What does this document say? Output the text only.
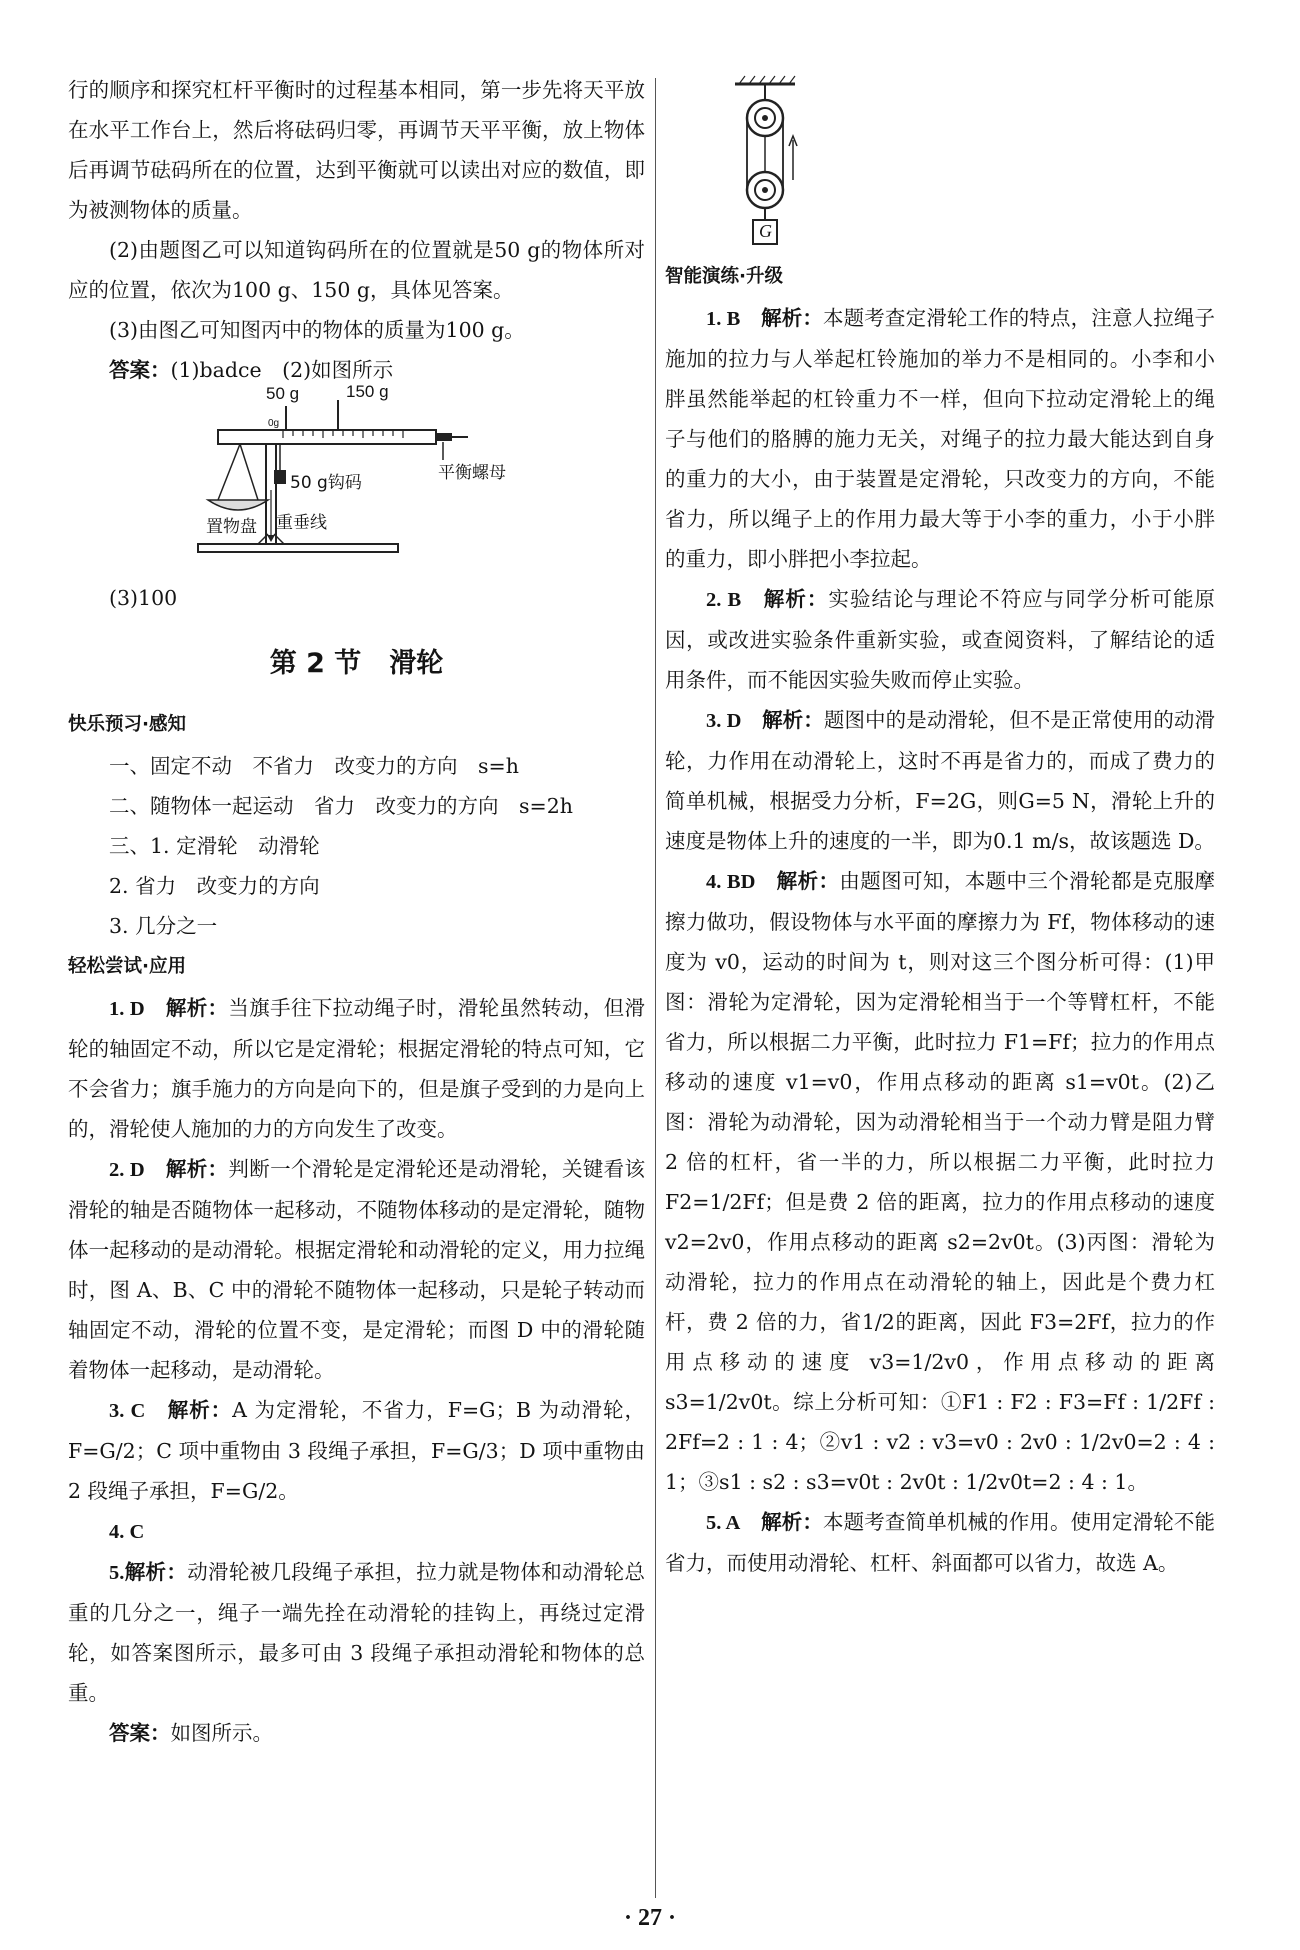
行的顺序和探究杠杆平衡时的过程基本相同，第一步先将天平放在水平工作台上，然后将砝码归零，再调节天平平衡，放上物体后再调节砝码所在的位置，达到平衡就可以读出对应的数值，即为被测物体的质量。

(2)由题图乙可以知道钩码所在的位置就是50 g的物体所对应的位置，依次为100 g、150 g，具体见答案。

(3)由图乙可知图丙中的物体的质量为100 g。

答案：(1)badce　(2)如图所示

50 g	150 g
0g
平衡螺母
50 g钩码
置物盘 重垂线

(3)100

第 2 节 滑轮

快乐预习·感知

一、固定不动　不省力　改变力的方向　s=h

二、随物体一起运动　省力　改变力的方向　s=2h

三、1. 定滑轮　动滑轮

2. 省力　改变力的方向

3. 几分之一

轻松尝试·应用

1. D　 解析：当旗手往下拉动绳子时，滑轮虽然转动，但滑轮的轴固定不动，所以它是定滑轮；根据定滑轮的特点可知，它不会省力；旗手施力的方向是向下的，但是旗子受到的力是向上的，滑轮使人施加的力的方向发生了改变。

2. D　 解析：判断一个滑轮是定滑轮还是动滑轮，关键看该滑轮的轴是否随物体一起移动，不随物体移动的是定滑轮，随物体一起移动的是动滑轮。根据定滑轮和动滑轮的定义，用力拉绳时，图 A、B、C 中的滑轮不随物体一起移动，只是轮子转动而轴固定不动，滑轮的位置不变，是定滑轮；而图 D 中的滑轮随着物体一起移动，是动滑轮。

3. C　 解析：A 为定滑轮，不省力，F=G；B 为动滑轮，F=G/2；C 项中重物由 3 段绳子承担，F=G/3；D 项中重物由 2 段绳子承担，F=G/2。

4. C

5.解析：动滑轮被几段绳子承担，拉力就是物体和动滑轮总重的几分之一，绳子一端先拴在动滑轮的挂钩上，再绕过定滑轮，如答案图所示，最多可由 3 段绳子承担动滑轮和物体的总重。

答案：如图所示。

G

智能演练·升级

1. B　 解析：本题考查定滑轮工作的特点，注意人拉绳子施加的拉力与人举起杠铃施加的举力不是相同的。小李和小胖虽然能举起的杠铃重力不一样，但向下拉动定滑轮上的绳子与他们的胳膊的施力无关，对绳子的拉力最大能达到自身的重力的大小，由于装置是定滑轮，只改变力的方向，不能省力，所以绳子上的作用力最大等于小李的重力，小于小胖的重力，即小胖把小李拉起。

2. B　 解析：实验结论与理论不符应与同学分析可能原因，或改进实验条件重新实验，或查阅资料，了解结论的适用条件，而不能因实验失败而停止实验。

3. D　 解析：题图中的是动滑轮，但不是正常使用的动滑轮，力作用在动滑轮上，这时不再是省力的，而成了费力的简单机械，根据受力分析，F=2G，则G=5 N，滑轮上升的速度是物体上升的速度的一半，即为0.1 m/s，故该题选 D。

4. BD　 解析：由题图可知，本题中三个滑轮都是克服摩擦力做功，假设物体与水平面的摩擦力为 Ff，物体移动的速度为 v0，运动的时间为 t，则对这三个图分析可得：(1)甲图：滑轮为定滑轮，因为定滑轮相当于一个等臂杠杆，不能省力，所以根据二力平衡，此时拉力 F1=Ff；拉力的作用点移动的速度 v1=v0，作用点移动的距离 s1=v0t。(2)乙图：滑轮为动滑轮，因为动滑轮相当于一个动力臂是阻力臂 2 倍的杠杆，省一半的力，所以根据二力平衡，此时拉力 F2=1/2Ff；但是费 2 倍的距离，拉力的作用点移动的速度 v2=2v0，作用点移动的距离 s2=2v0t。(3)丙图：滑轮为动滑轮，拉力的作用点在动滑轮的轴上，因此是个费力杠杆，费 2 倍的力，省1/2的距离，因此 F3=2Ff，拉力的作用点移动的速度 v3=1/2v0，作用点移动的距离 s3=1/2v0t。综上分析可知：①F1 : F2 : F3=Ff : 1/2Ff : 2Ff=2 : 1 : 4；②v1 : v2 : v3=v0 : 2v0 : 1/2v0=2 : 4 : 1；③s1 : s2 : s3=v0t : 2v0t : 1/2v0t=2 : 4 : 1。

5. A　 解析：本题考查简单机械的作用。使用定滑轮不能省力，而使用动滑轮、杠杆、斜面都可以省力，故选 A。

· 27 ·
